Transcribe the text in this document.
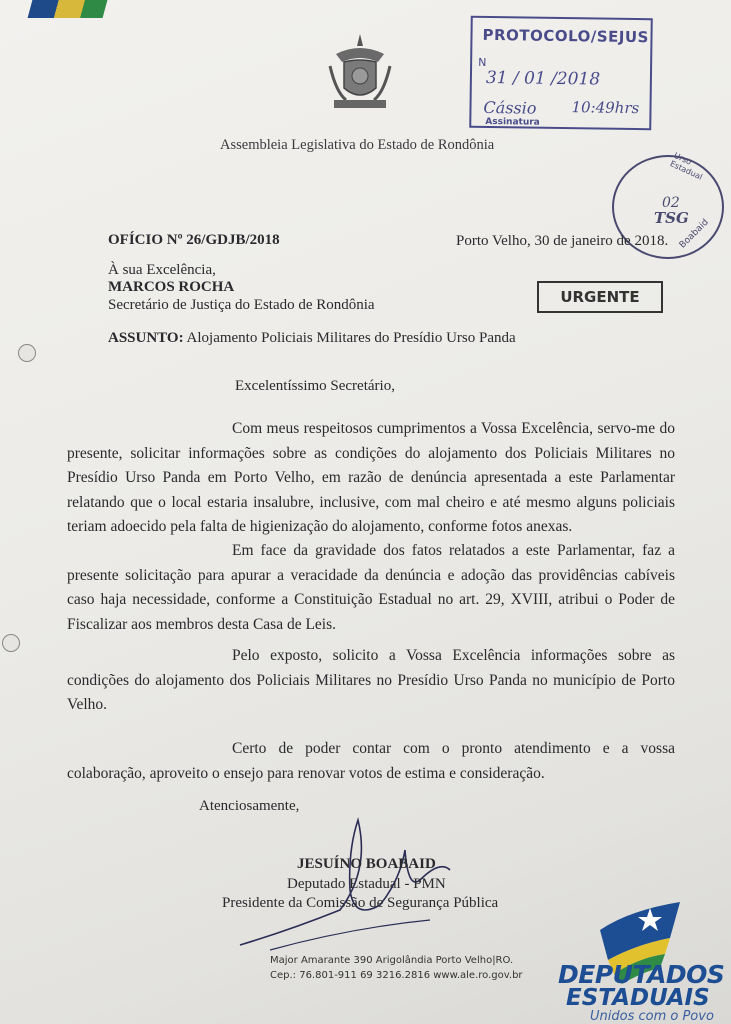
Assembleia Legislativa do Estado de Rondônia
PROTOCOLO/SEJUS
N
31 / 01 /2018
Cássio 10:49hrs
Assinatura
Urso Estadual
02
TSG
Boabaid
OFÍCIO Nº 26/GDJB/2018	Porto Velho, 30 de janeiro de 2018.
À sua Excelência,
MARCOS ROCHA
Secretário de Justiça do Estado de Rondônia	URGENTE
ASSUNTO: Alojamento Policiais Militares do Presídio Urso Panda
Excelentíssimo Secretário,

Com meus respeitosos cumprimentos a Vossa Excelência, servo-me do presente, solicitar informações sobre as condições do alojamento dos Policiais Militares no Presídio Urso Panda em Porto Velho, em razão de denúncia apresentada a este Parlamentar relatando que o local estaria insalubre, inclusive, com mal cheiro e até mesmo alguns policiais teriam adoecido pela falta de higienização do alojamento, conforme fotos anexas.

Em face da gravidade dos fatos relatados a este Parlamentar, faz a presente solicitação para apurar a veracidade da denúncia e adoção das providências cabíveis caso haja necessidade, conforme a Constituição Estadual no art. 29, XVIII, atribui o Poder de Fiscalizar aos membros desta Casa de Leis.

Pelo exposto, solicito a Vossa Excelência informações sobre as condições do alojamento dos Policiais Militares no Presídio Urso Panda no município de Porto Velho.

Certo de poder contar com o pronto atendimento e a vossa colaboração, aproveito o ensejo para renovar votos de estima e consideração.

Atenciosamente,
JESUÍNO BOABAID
Deputado Estadual - PMN
Presidente da Comissão de Segurança Pública
Major Amarante 390 Arigolândia Porto Velho|RO.
Cep.: 76.801-911 69 3216.2816 www.ale.ro.gov.br DEPUTADOS
ESTADUAIS
Unidos com o Povo
